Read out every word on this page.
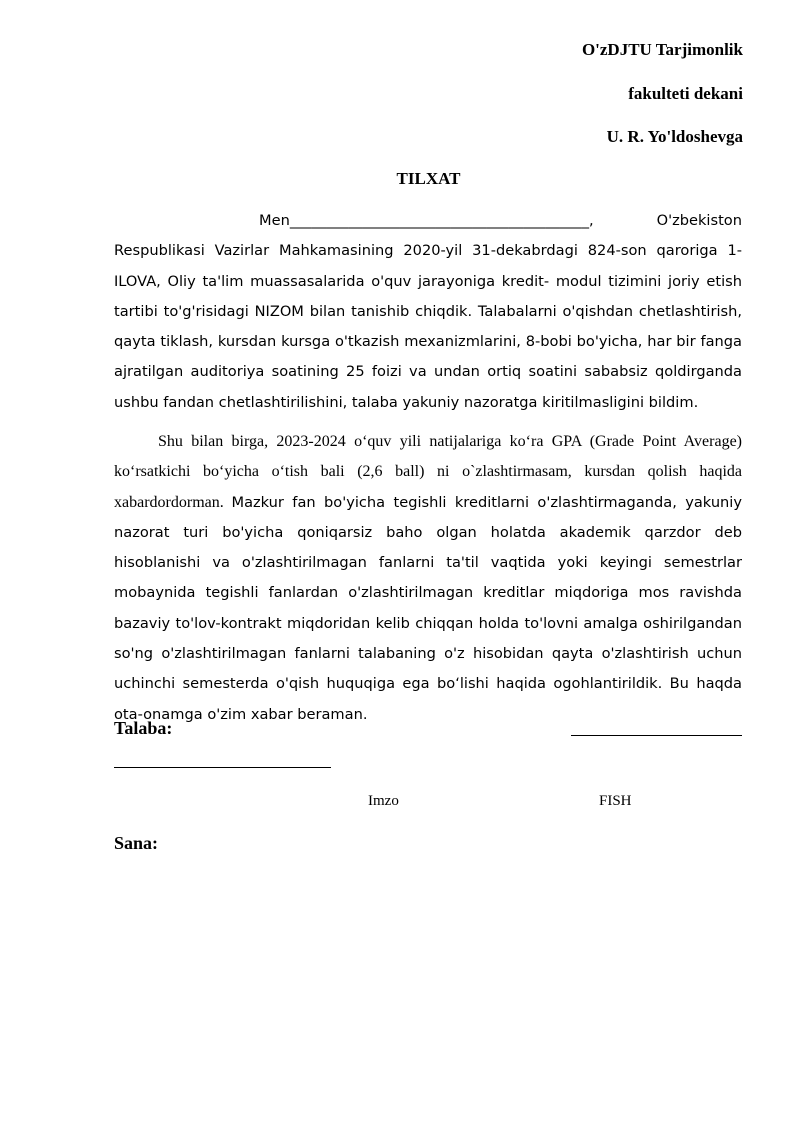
O'zDJTU Tarjimonlik
fakulteti dekani
U. R. Yo'ldoshevga
TILXAT
Men_________________________________________,	O'zbekiston Respublikasi Vazirlar Mahkamasining 2020-yil 31-dekabrdagi 824-son qaroriga 1-ILOVA, Oliy ta'lim muassasalarida o'quv jarayoniga kredit- modul tizimini joriy etish tartibi to'g'risidagi NIZOM bilan tanishib chiqdik. Talabalarni o'qishdan chetlashtirish, qayta tiklash, kursdan kursga o'tkazish mexanizmlarini, 8-bobi bo'yicha, har bir fanga ajratilgan auditoriya soatining 25 foizi va undan ortiq soatini sababsiz qoldirganda ushbu fandan chetlashtirilishini, talaba yakuniy nazoratga kiritilmasligini bildim.
Shu bilan birga, 2023-2024 o‘quv yili natijalariga ko‘ra GPA (Grade Point Average) ko‘rsatkichi bo‘yicha o‘tish bali (2,6 ball) ni o`zlashtirmasam, kursdan qolish haqida xabardordorman. Mazkur fan bo'yicha tegishli kreditlarni o'zlashtirmaganda, yakuniy nazorat turi bo'yicha qoniqarsiz baho olgan holatda akademik qarzdor deb hisoblanishi va o'zlashtirilmagan fanlarni ta'til vaqtida yoki keyingi semestrlar mobaynida tegishli fanlardan o'zlashtirilmagan kreditlar miqdoriga mos ravishda bazaviy to'lov-kontrakt miqdoridan kelib chiqqan holda to'lovni amalga oshirilgandan so'ng o'zlashtirilmagan fanlarni talabaning o'z hisobidan qayta o'zlashtirish uchun uchinchi semesterda o'qish huquqiga ega bo‘lishi haqida ogohlantirildik. Bu haqda ota-onamga o'zim xabar beraman.
Talaba:
Imzo	FISH
Sana:
